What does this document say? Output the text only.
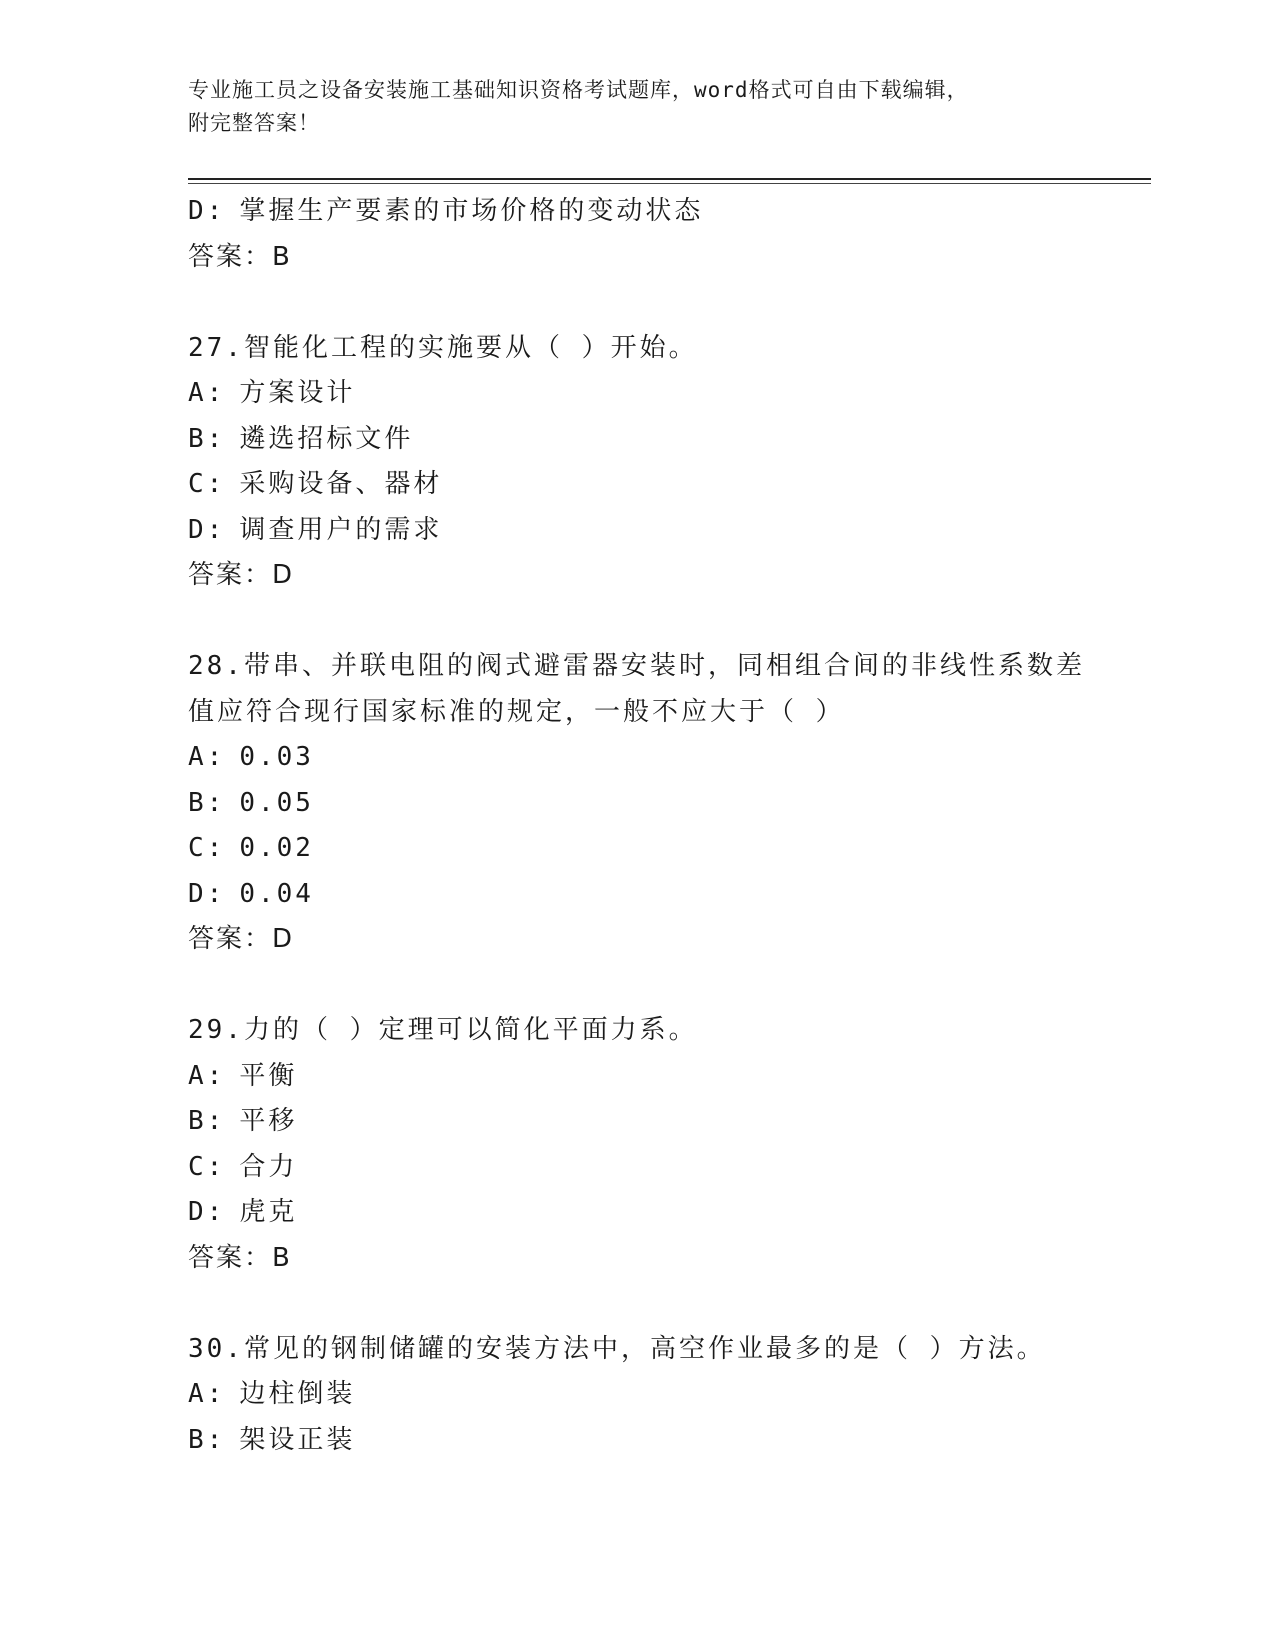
专业施工员之设备安装施工基础知识资格考试题库，word格式可自由下载编辑，
附完整答案！
D: 掌握生产要素的市场价格的变动状态
答案：B
27.智能化工程的实施要从（ ）开始。
A: 方案设计
B: 遴选招标文件
C: 采购设备、器材
D: 调查用户的需求
答案：D
28.带串、并联电阻的阀式避雷器安装时，同相组合间的非线性系数差
值应符合现行国家标准的规定，一般不应大于（ ）
A: 0.03
B: 0.05
C: 0.02
D: 0.04
答案：D
29.力的（ ）定理可以简化平面力系。
A: 平衡
B: 平移
C: 合力
D: 虎克
答案：B
30.常见的钢制储罐的安装方法中，高空作业最多的是（ ）方法。
A: 边柱倒装
B: 架设正装
